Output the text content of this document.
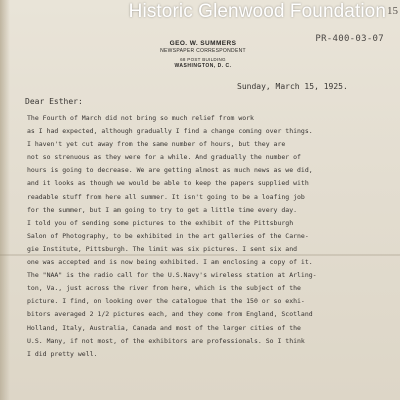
Historic Glenwood Foundation 15
PR-400-03-07
GEO. W. SUMMERS
NEWSPAPER CORRESPONDENT
68 POST BUILDING
WASHINGTON, D. C.
Sunday, March 15, 1925.
Dear Esther:
The Fourth of March did not bring so much relief from work
as I had expected, although gradually I find a change coming over things.
I haven't yet cut away from the same number of hours, but they are
not so strenuous as they were for a while. And gradually the number of
hours is going to decrease. We are getting almost as much news as we did,
and it looks as though we would be able to keep the papers supplied with
readable stuff from here all summer. It isn't going to be a loafing job
for the summer, but I am going to try to get a little time every day.
I told you of sending some pictures to the exhibit of the Pittsburgh
Salon of Photography, to be exhibited in the art galleries of the Carne-
gie Institute, Pittsburgh. The limit was six pictures. I sent six and
one was accepted and is now being exhibited. I am enclosing a copy of it.
The "NAA" is the radio call for the U.S.Navy's wireless station at Arling-
ton, Va., just across the river from here, which is the subject of the
picture. I find, on looking over the catalogue that the 150 or so exhi-
bitors averaged 2 1/2 pictures each, and they come from England, Scotland
Holland, Italy, Australia, Canada and most of the larger cities of the
U.S. Many, if not most, of the exhibitors are professionals. So I think
I did pretty well.
